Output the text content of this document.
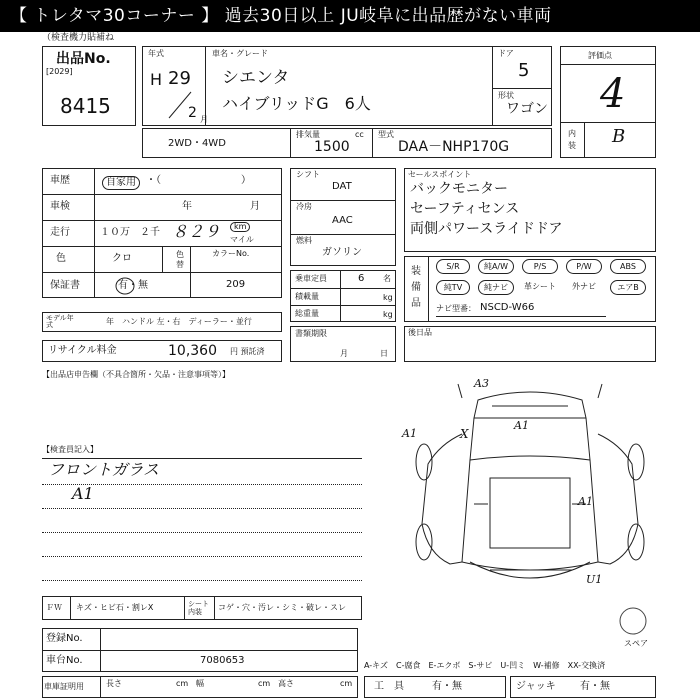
【 トレタマ30コーナー 】 過去30日以上 JU岐阜に出品歴がない車両
（検査機力貼補ね
出品No.
[2029]
8415
年式
H 29
2 月
車名・グレード
シエンタ
ハイブリッドG　6人
ドア
5
形状
ワゴン
評価点
4
内装 B
2WD・4WD
排気量	cc
1500
型式
DAA－NHP170G
車歴	自家用	・（　　　　　　　　）
車検	年	月
走行	１０万　２千 ８２９	km
マイル
色	クロ	色替
カラーNo.
209
保証書	有・無
モデル年式	年　ハンドル 左・右　ディーラー・並行
リサイクル料金	10,360 円 預託済
シフト
DAT
冷房
AAC
燃料
ガソリン
乗車定員	6 名
積載量	kg
総重量	kg
書類期限
月	日
セールスポイント
バックモニター
セーフティセンス
両側パワースライドドア
装備品
S/R	純A/W	P/S	P/W	ABS
純TV	純ナビ	革シート	外ナビ	エアB
ナビ型番： NSCD-W66
後日品
【出品店申告欄（不具合箇所・欠品・注意事項等）】
【検査員記入】
フロントガラス
A1
A3
A1
A1
A1
U1
X
スペア
ＦＷ キズ・ヒビ石・割レX	シート内装	コゲ・穴・汚レ・シミ・破レ・スレ
登録No.
車台No.	7080653
車庫証明用	長さ	cm 幅	cm 高さ	cm
A-キズ　C-腐食　E-エクボ　S-サビ　U-凹ミ　W-補修　XX-交換済
工　具	有・無	ジャッキ 有・無
